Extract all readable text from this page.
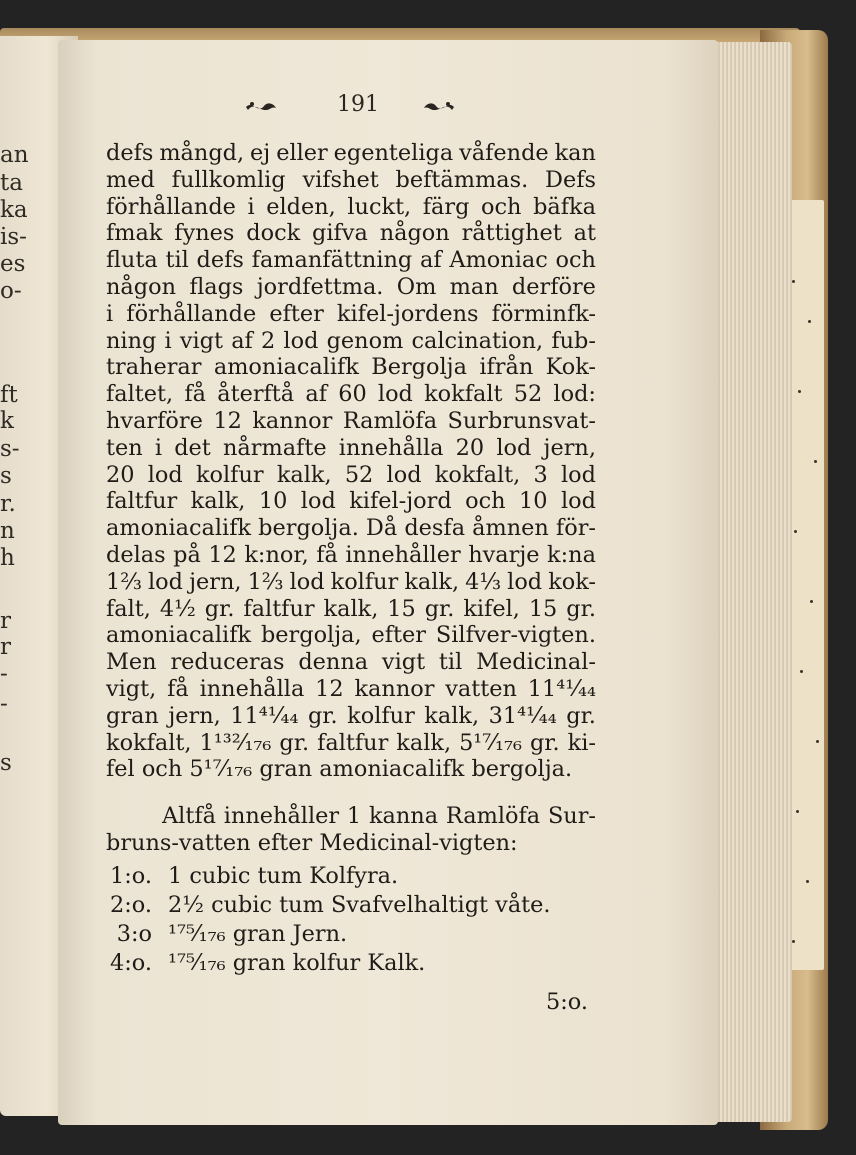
an
ta
ka
is-
es
o-
ft
k
s-
s
r.
n
h
r
r
-
-
s
191
defs mångd, ej eller egenteliga våfende kan
med fullkomlig vifshet beftämmas. Defs
förhållande i elden, luckt, färg och bäfka
fmak fynes dock gifva någon råttighet at
fluta til defs famanfättning af Amoniac och
någon flags jordfettma. Om man derföre
i förhållande efter kifel-jordens förminfk-
ning i vigt af 2 lod genom calcination, fub-
traherar amoniacalifk Bergolja ifrån Kok-
faltet, få återftå af 60 lod kokfalt 52 lod:
hvarföre 12 kannor Ramlöfa Surbrunsvat-
ten i det nårmafte innehålla 20 lod jern,
20 lod kolfur kalk, 52 lod kokfalt, 3 lod
faltfur kalk, 10 lod kifel-jord och 10 lod
amoniacalifk bergolja. Då desfa åmnen för-
delas på 12 k:nor, få innehåller hvarje k:na
1⅔ lod jern, 1⅔ lod kolfur kalk, 4⅓ lod kok-
falt, 4½ gr. faltfur kalk, 15 gr. kifel, 15 gr.
amoniacalifk bergolja, efter Silfver-vigten.
Men reduceras denna vigt til Medicinal-
vigt, få innehålla 12 kannor vatten 11⁴¹⁄₄₄
gran jern, 11⁴¹⁄₄₄ gr. kolfur kalk, 31⁴¹⁄₄₄ gr.
kokfalt, 1¹³²⁄₁₇₆ gr. faltfur kalk, 5¹⁷⁄₁₇₆ gr. ki-
fel och 5¹⁷⁄₁₇₆ gran amoniacalifk bergolja.
Altfå innehåller 1 kanna Ramlöfa Sur-
bruns-vatten efter Medicinal-vigten:
1:o. 1 cubic tum Kolfyra.
2:o. 2½ cubic tum Svafvelhaltigt våte.
3:o ¹⁷⁵⁄₁₇₆ gran Jern.
4:o. ¹⁷⁵⁄₁₇₆ gran kolfur Kalk.
5:o.
